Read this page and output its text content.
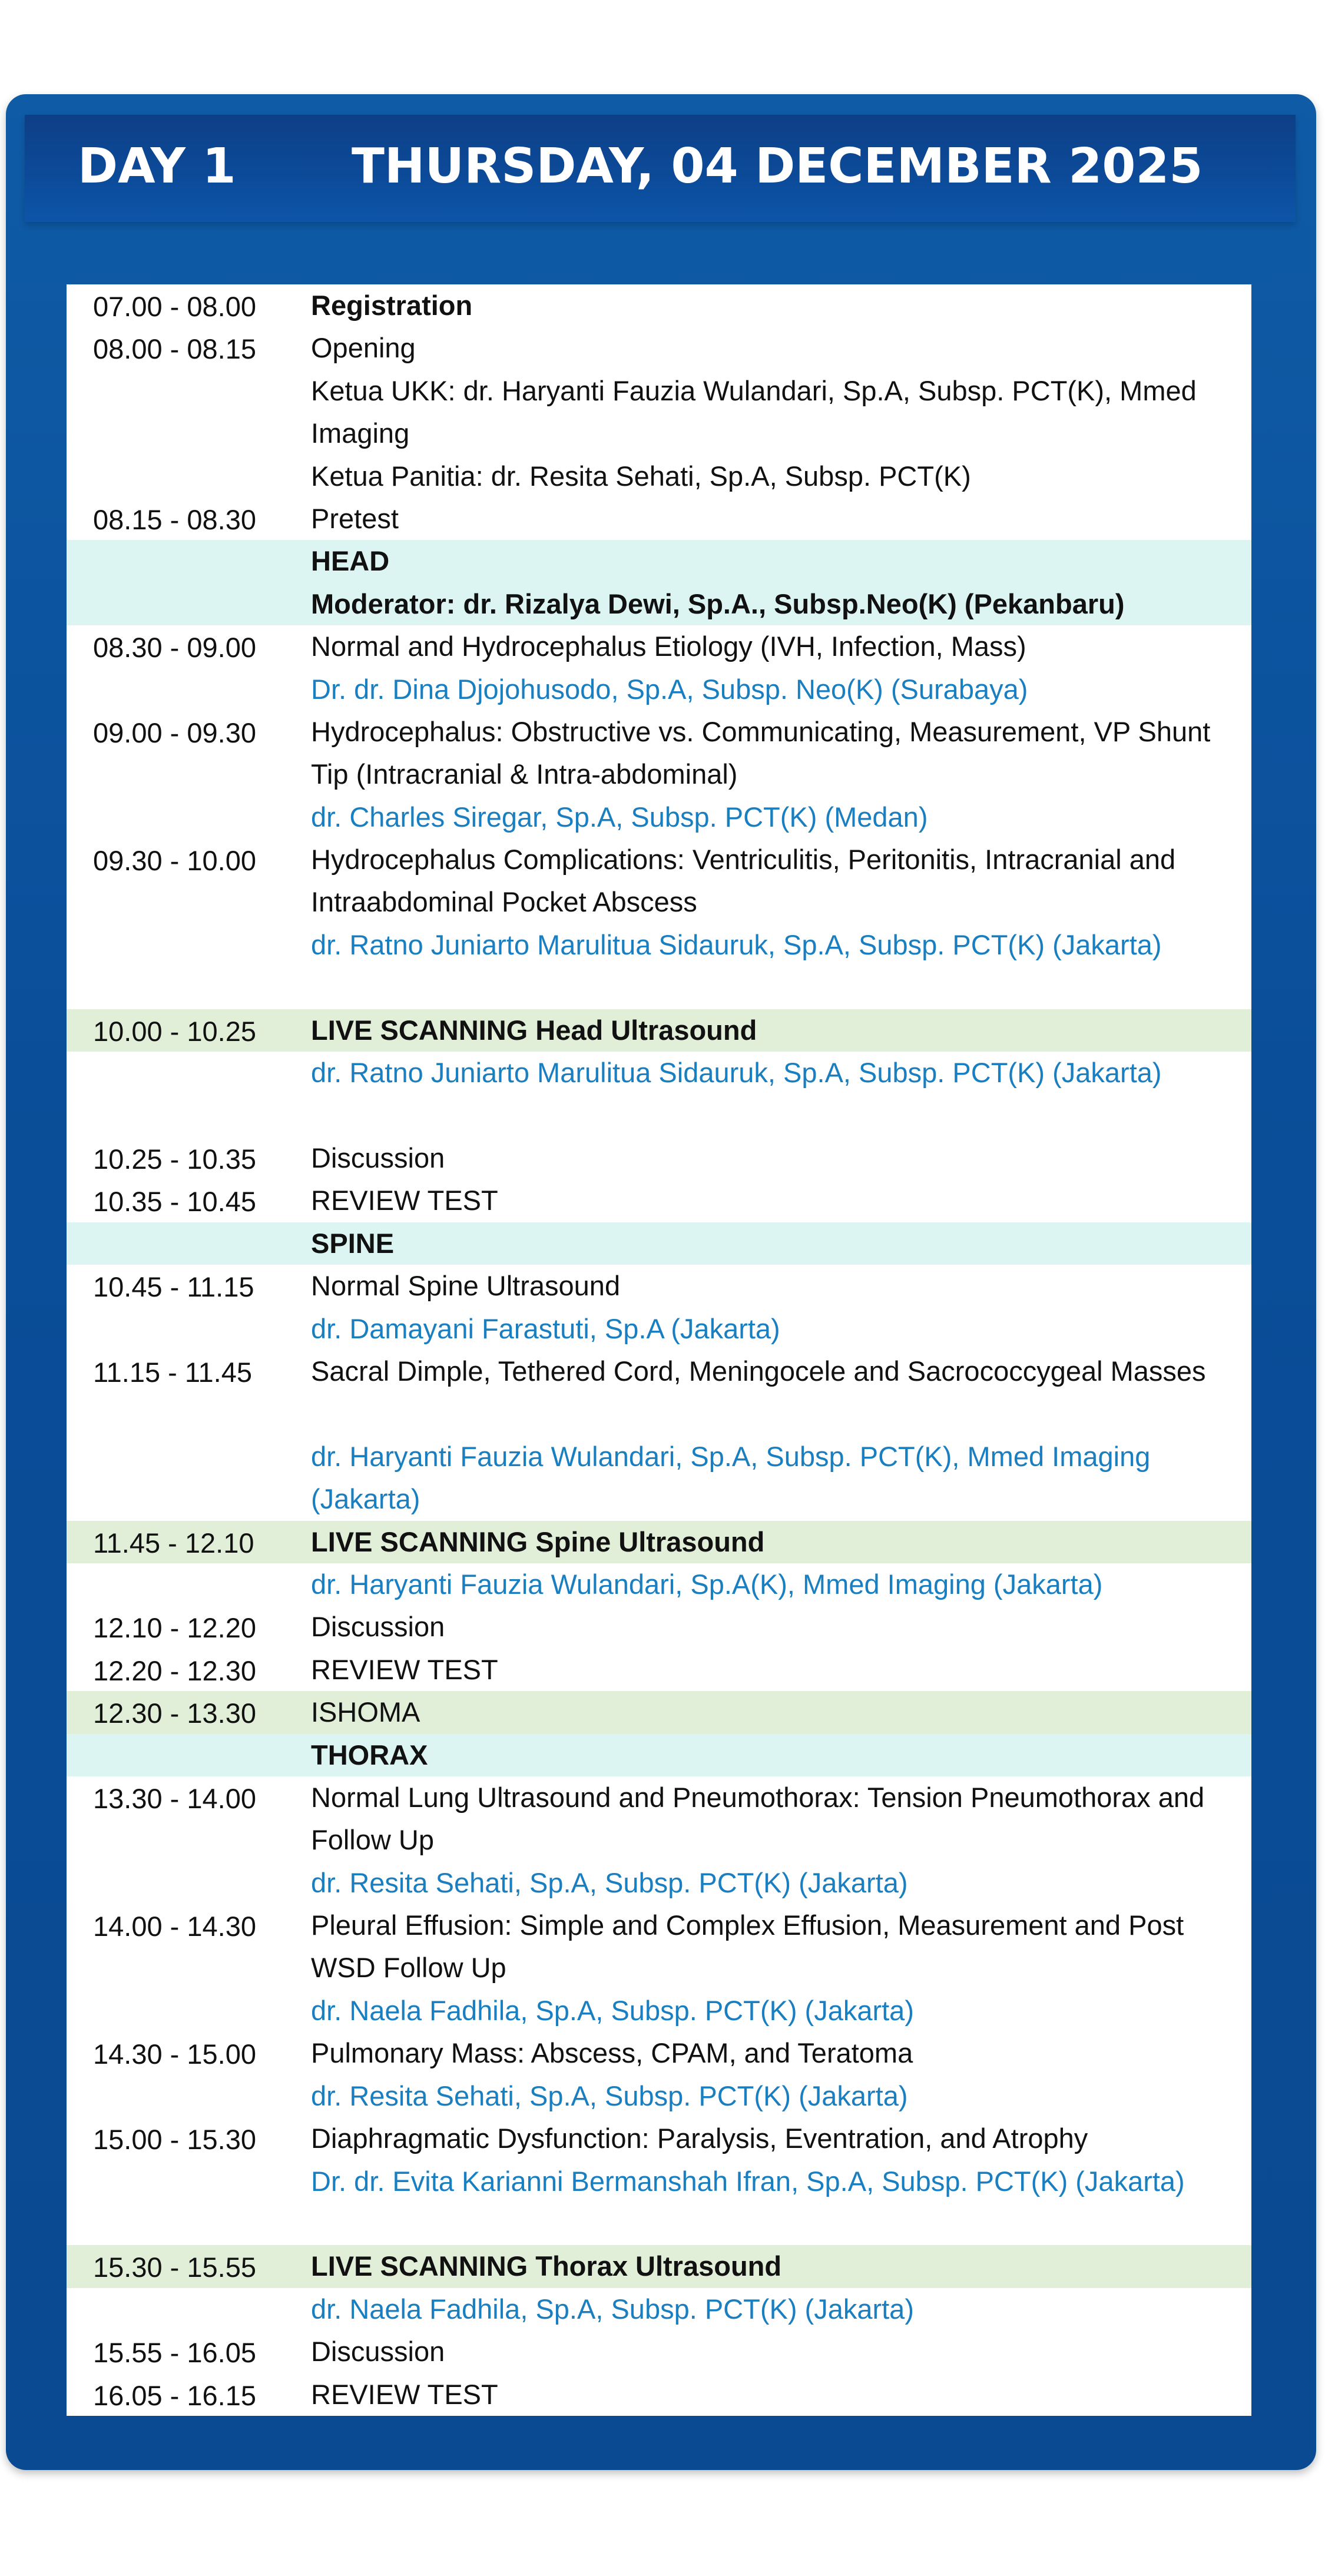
DAY 1 THURSDAY, 04 DECEMBER 2025
07.00 - 08.00 Registration
08.00 - 08.15 Opening
Ketua UKK: dr. Haryanti Fauzia Wulandari, Sp.A, Subsp. PCT(K), Mmed Imaging
Ketua Panitia: dr. Resita Sehati, Sp.A, Subsp. PCT(K)
08.15 - 08.30 Pretest
HEAD
Moderator: dr. Rizalya Dewi, Sp.A., Subsp.Neo(K) (Pekanbaru)
08.30 - 09.00 Normal and Hydrocephalus Etiology (IVH, Infection, Mass)
Dr. dr. Dina Djojohusodo, Sp.A, Subsp. Neo(K) (Surabaya)
09.00 - 09.30 Hydrocephalus: Obstructive vs. Communicating, Measurement, VP Shunt Tip (Intracranial & Intra-abdominal)
dr. Charles Siregar, Sp.A, Subsp. PCT(K) (Medan)
09.30 - 10.00 Hydrocephalus Complications: Ventriculitis, Peritonitis, Intracranial and Intraabdominal Pocket Abscess
dr. Ratno Juniarto Marulitua Sidauruk, Sp.A, Subsp. PCT(K) (Jakarta)
10.00 - 10.25 LIVE SCANNING Head Ultrasound
dr. Ratno Juniarto Marulitua Sidauruk, Sp.A, Subsp. PCT(K) (Jakarta)
10.25 - 10.35 Discussion
10.35 - 10.45 REVIEW TEST
SPINE
10.45 - 11.15 Normal Spine Ultrasound
dr. Damayani Farastuti, Sp.A (Jakarta)
11.15 - 11.45 Sacral Dimple, Tethered Cord, Meningocele and Sacrococcygeal Masses
dr. Haryanti Fauzia Wulandari, Sp.A, Subsp. PCT(K), Mmed Imaging (Jakarta)
11.45 - 12.10 LIVE SCANNING Spine Ultrasound
dr. Haryanti Fauzia Wulandari, Sp.A(K), Mmed Imaging (Jakarta)
12.10 - 12.20 Discussion
12.20 - 12.30 REVIEW TEST
12.30 - 13.30 ISHOMA
THORAX
13.30 - 14.00 Normal Lung Ultrasound and Pneumothorax: Tension Pneumothorax and Follow Up
dr. Resita Sehati, Sp.A, Subsp. PCT(K) (Jakarta)
14.00 - 14.30 Pleural Effusion: Simple and Complex Effusion, Measurement and Post WSD Follow Up
dr. Naela Fadhila, Sp.A, Subsp. PCT(K) (Jakarta)
14.30 - 15.00 Pulmonary Mass: Abscess, CPAM, and Teratoma
dr. Resita Sehati, Sp.A, Subsp. PCT(K) (Jakarta)
15.00 - 15.30 Diaphragmatic Dysfunction: Paralysis, Eventration, and Atrophy
Dr. dr. Evita Karianni Bermanshah Ifran, Sp.A, Subsp. PCT(K) (Jakarta)
15.30 - 15.55 LIVE SCANNING Thorax Ultrasound
dr. Naela Fadhila, Sp.A, Subsp. PCT(K) (Jakarta)
15.55 - 16.05 Discussion
16.05 - 16.15 REVIEW TEST
